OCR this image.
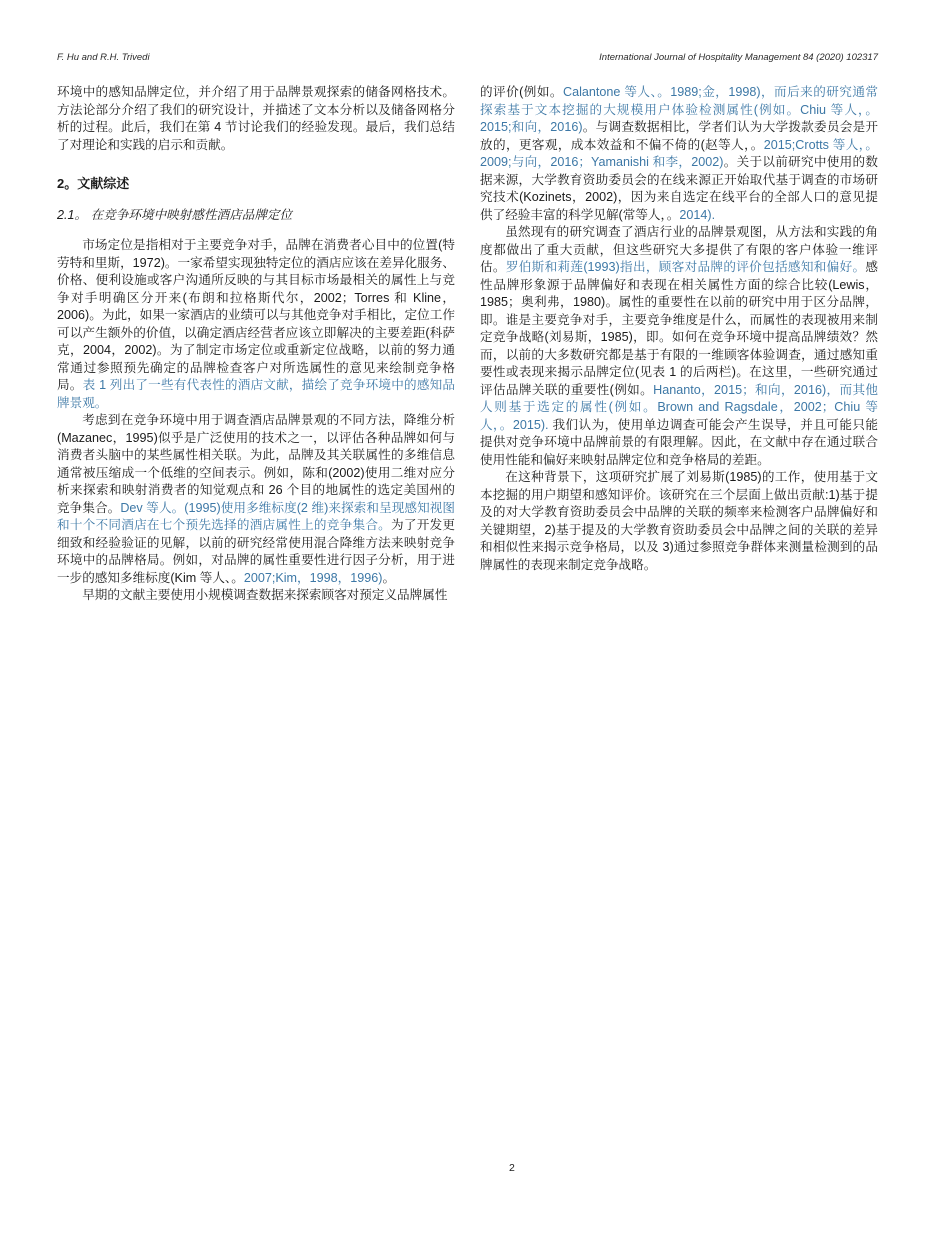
F. Hu and R.H. Trivedi	International Journal of Hospitality Management 84 (2020) 102317

环境中的感知品牌定位，并介绍了用于品牌景观探索的储备网格技术。方法论部分介绍了我们的研究设计，并描述了文本分析以及储备网格分析的过程。此后，我们在第 4 节讨论我们的经验发现。最后，我们总结了对理论和实践的启示和贡献。

2。文献综述
2.1。 在竞争环境中映射感性酒店品牌定位

市场定位是指相对于主要竞争对手，品牌在消费者心目中的位置(特劳特和里斯，1972)。一家希望实现独特定位的酒店应该在差异化服务、价格、便利设施或客户沟通所反映的与其目标市场最相关的属性上与竞争对手明确区分开来(布朗和拉格斯代尔，2002；Torres 和 Kline，2006)。为此，如果一家酒店的业绩可以与其他竞争对手相比，定位工作可以产生额外的价值，以确定酒店经营者应该立即解决的主要差距(科萨克，2004，2002)。为了制定市场定位或重新定位战略，以前的努力通常通过参照预先确定的品牌检查客户对所选属性的意见来绘制竞争格局。表 1 列出了一些有代表性的酒店文献，描绘了竞争环境中的感知品牌景观。

考虑到在竞争环境中用于调查酒店品牌景观的不同方法，降维分析(Mazanec，1995)似乎是广泛使用的技术之一，以评估各种品牌如何与消费者头脑中的某些属性相关联。为此，品牌及其关联属性的多维信息通常被压缩成一个低维的空间表示。例如，陈和(2002)使用二维对应分析来探索和映射消费者的知觉观点和 26 个目的地属性的选定美国州的竞争集合。Dev 等人。(1995)使用多维标度(2 维)来探索和呈现感知视图和十个不同酒店在七个预先选择的酒店属性上的竞争集合。为了开发更细致和经验验证的见解，以前的研究经常使用混合降维方法来映射竞争环境中的品牌格局。例如，对品牌的属性重要性进行因子分析，用于进一步的感知多维标度(Kim 等人、。2007;Kim，1998，1996)。

早期的文献主要使用小规模调查数据来探索顾客对预定义品牌属性

的评价(例如。Calantone 等人、。1989;金，1998)，而后来的研究通常探索基于文本挖掘的大规模用户体验检测属性(例如。Chiu 等人，。2015;和向，2016)。与调查数据相比，学者们认为大学拨款委员会是开放的，更客观，成本效益和不偏不倚的(赵等人，。2015;Crotts 等人，。2009;与向，2016；Yamanishi 和李，2002)。关于以前研究中使用的数据来源，大学教育资助委员会的在线来源正开始取代基于调查的市场研究技术(Kozinets，2002)，因为来自选定在线平台的全部人口的意见提供了经验丰富的科学见解(常等人，。2014).

虽然现有的研究调查了酒店行业的品牌景观图，从方法和实践的角度都做出了重大贡献，但这些研究大多提供了有限的客户体验一维评估。罗伯斯和莉莲(1993)指出，顾客对品牌的评价包括感知和偏好。感性品牌形象源于品牌偏好和表现在相关属性方面的综合比较(Lewis，1985；奥利弗，1980)。属性的重要性在以前的研究中用于区分品牌，即。谁是主要竞争对手，主要竞争维度是什么，而属性的表现被用来制定竞争战略(刘易斯，1985)，即。如何在竞争环境中提高品牌绩效？然而，以前的大多数研究都是基于有限的一维顾客体验调查，通过感知重要性或表现来揭示品牌定位(见表 1 的后两栏)。在这里，一些研究通过评估品牌关联的重要性(例如。Hananto，2015；和向，2016)，而其他人则基于选定的属性(例如。Brown and Ragsdale，2002；Chiu 等人，。2015). 我们认为，使用单边调查可能会产生误导，并且可能只能提供对竞争环境中品牌前景的有限理解。因此，在文献中存在通过联合使用性能和偏好来映射品牌定位和竞争格局的差距。

在这种背景下，这项研究扩展了刘易斯(1985)的工作，使用基于文本挖掘的用户期望和感知评价。该研究在三个层面上做出贡献:1)基于提及的对大学教育资助委员会中品牌的关联的频率来检测客户品牌偏好和关键期望，2)基于提及的大学教育资助委员会中品牌之间的关联的差异和相似性来揭示竞争格局，以及 3)通过参照竞争群体来测量检测到的品牌属性的表现来制定竞争战略。

2
